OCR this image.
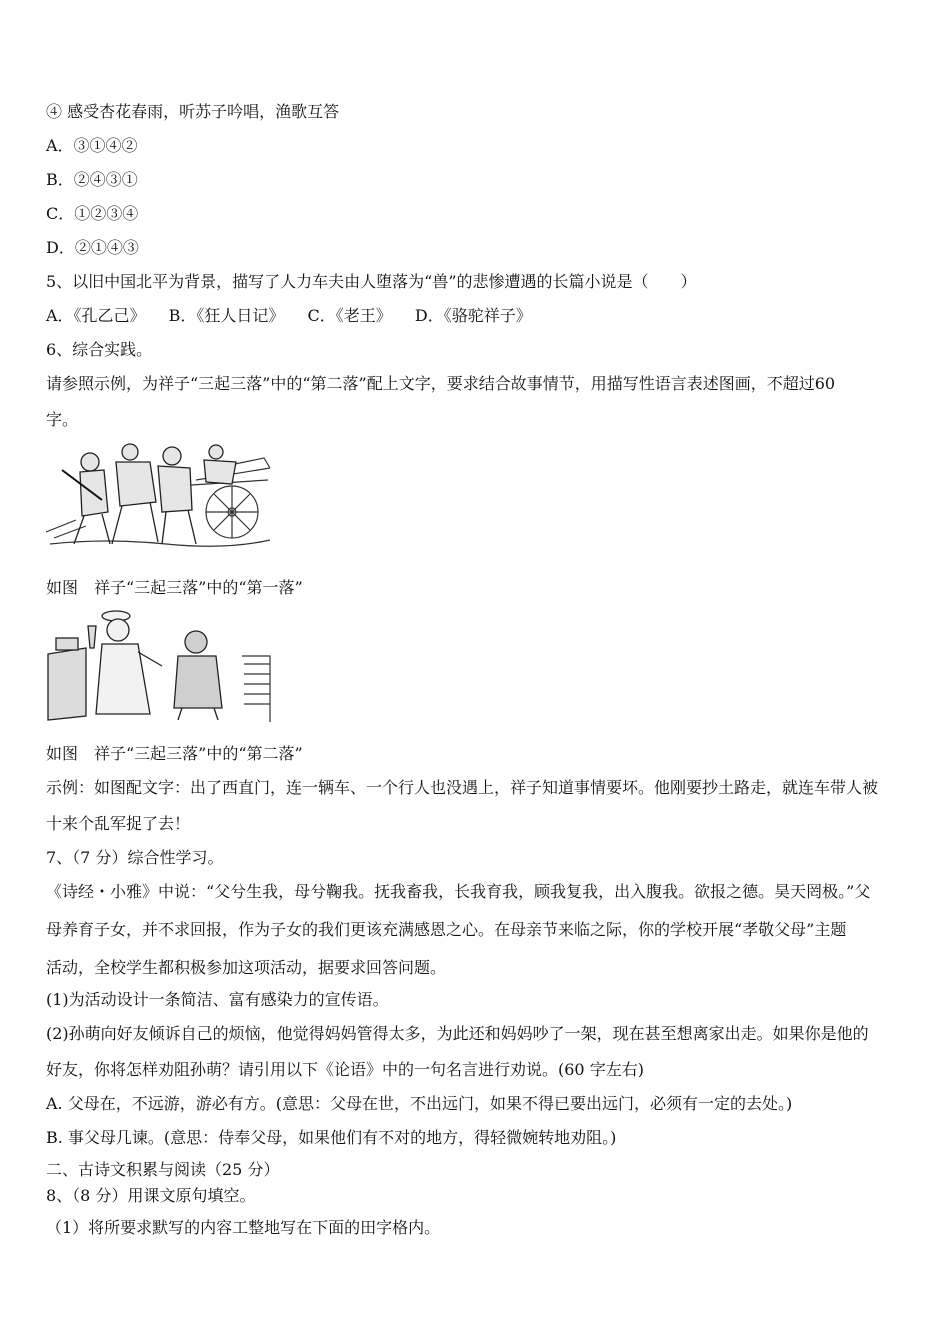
④ 感受杏花春雨，听苏子吟唱，渔歌互答
A．③①④②
B．②④③①
C．①②③④
D．②①④③
5、以旧中国北平为背景，描写了人力车夫由人堕落为“兽”的悲惨遭遇的长篇小说是（　　）
A．《孔乙己》 B．《狂人日记》 C．《老王》 D．《骆驼祥子》
6、综合实践。
请参照示例，为祥子“三起三落”中的“第二落”配上文字，要求结合故事情节，用描写性语言表述图画，不超过60
字。
如图　祥子“三起三落”中的“第一落”
如图　祥子“三起三落”中的“第二落”
示例：如图配文字：出了西直门，连一辆车、一个行人也没遇上，祥子知道事情要坏。他刚要抄土路走，就连车带人被
十来个乱军捉了去！
7、（7 分）综合性学习。
《诗经・小雅》中说：“父兮生我，母兮鞠我。抚我畜我，长我育我，顾我复我，出入腹我。欲报之德。昊天罔极。”父
母养育子女，并不求回报，作为子女的我们更该充满感恩之心。在母亲节来临之际，你的学校开展“孝敬父母”主题
活动，全校学生都积极参加这项活动，据要求回答问题。
(1)为活动设计一条简洁、富有感染力的宣传语。
(2)孙萌向好友倾诉自己的烦恼，他觉得妈妈管得太多，为此还和妈妈吵了一架，现在甚至想离家出走。如果你是他的
好友，你将怎样劝阻孙萌？请引用以下《论语》中的一句名言进行劝说。(60 字左右)
A. 父母在，不远游，游必有方。(意思：父母在世，不出远门，如果不得已要出远门，必须有一定的去处。)
B. 事父母几谏。(意思：侍奉父母，如果他们有不对的地方，得轻微婉转地劝阻。)
二、古诗文积累与阅读（25 分）
8、（8 分）用课文原句填空。
（1）将所要求默写的内容工整地写在下面的田字格内。
